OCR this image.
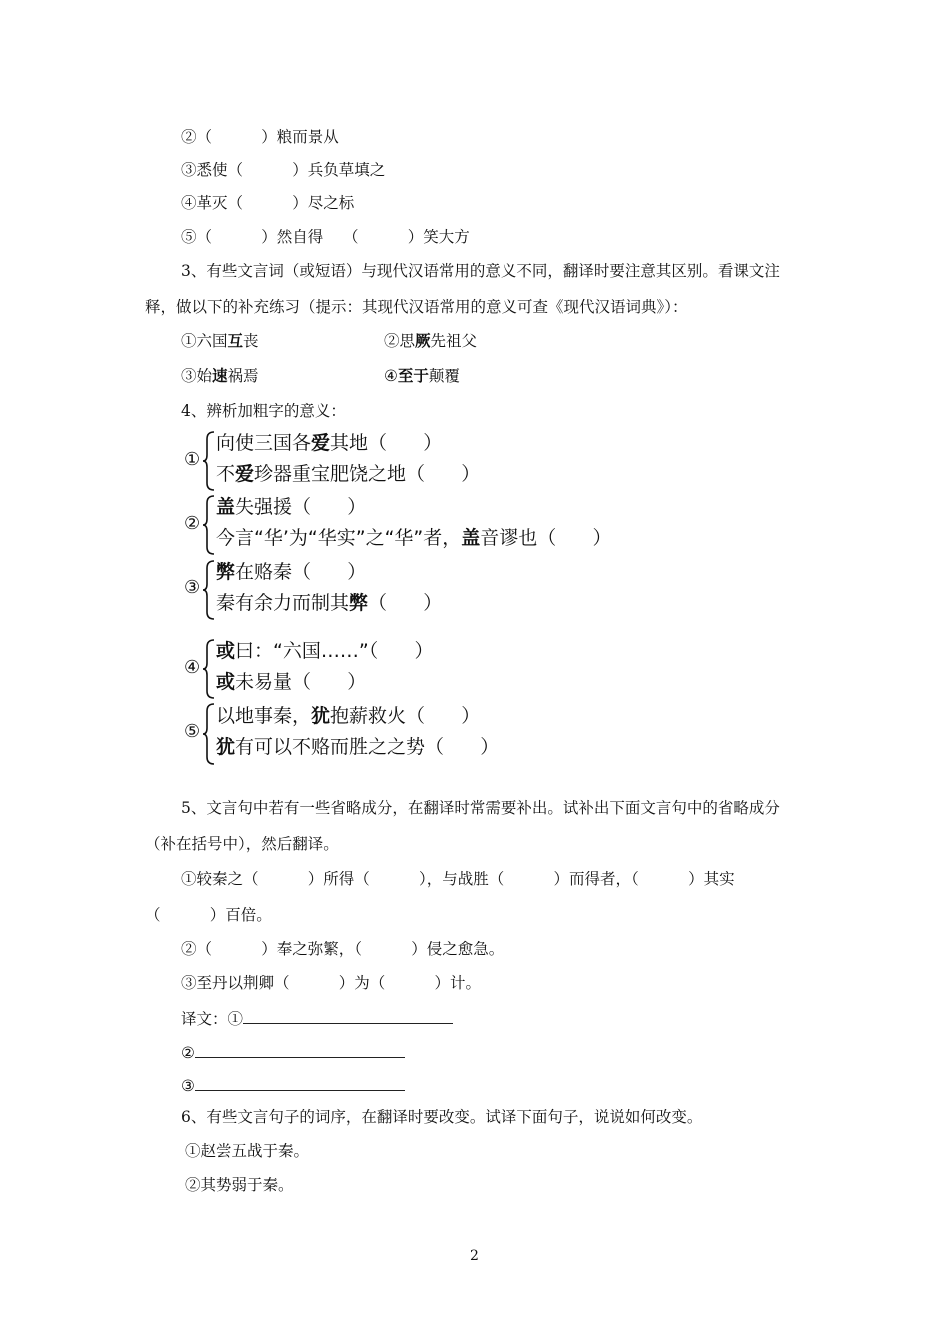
②（          ）粮而景从
③悉使（          ）兵负草填之
④革灭（          ）尽之标
⑤（          ）然自得    （          ）笑大方
3、有些文言词（或短语）与现代汉语常用的意义不同，翻译时要注意其区别。看课文注
释，做以下的补充练习（提示：其现代汉语常用的意义可查《现代汉语词典》）：
①六国互丧	②思厥先祖父
③始速祸焉	④至于颠覆
4、辨析加粗字的意义：
①
向使三国各爱其地（      ）
不爱珍器重宝肥饶之地（      ）
②
盖失强援（      ）
今言“华’为“华实”之“华”者，盖音谬也（      ）
③
弊在赂秦（      ）
秦有余力而制其弊（      ）
④
或曰：“六国……”（      ）
或未易量（      ）
⑤
以地事秦，犹抱薪救火（      ）
犹有可以不赂而胜之之势（      ）
5、文言句中若有一些省略成分，在翻译时常需要补出。试补出下面文言句中的省略成分
（补在括号中），然后翻译。
①较秦之（          ）所得（          ），与战胜（          ）而得者，（          ）其实
（          ）百倍。
②（          ）奉之弥繁，（          ）侵之愈急。
③至丹以荆卿（          ）为（          ）计。
译文：①
②
③
6、有些文言句子的词序，在翻译时要改变。试译下面句子，说说如何改变。
①赵尝五战于秦。
②其势弱于秦。
2
